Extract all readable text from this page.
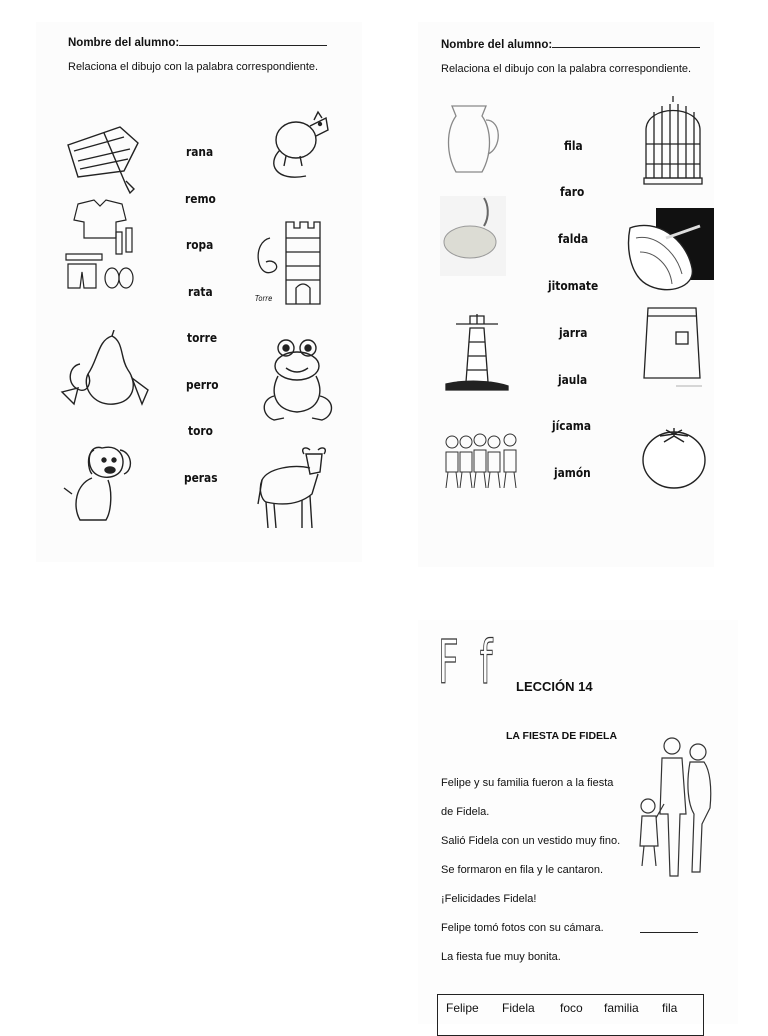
Nombre del alumno:
Relaciona el dibujo con la palabra correspondiente.
rana
remo
ropa
rata
torre
perro
toro
peras
Torre
Nombre del alumno:
Relaciona el dibujo con la palabra correspondiente.
fila
faro
falda
jitomate
jarra
jaula
jícama
jamón
F f LECCIÓN 14
LA FIESTA DE FIDELA
Felipe y su familia fueron a la fiesta
de Fidela.
Salió Fidela con un vestido muy fino.
Se formaron en fila y le cantaron.
¡Felicidades Fidela!
Felipe tomó fotos con su cámara.
La fiesta fue muy bonita.
Felipe Fidela foco familia fila
